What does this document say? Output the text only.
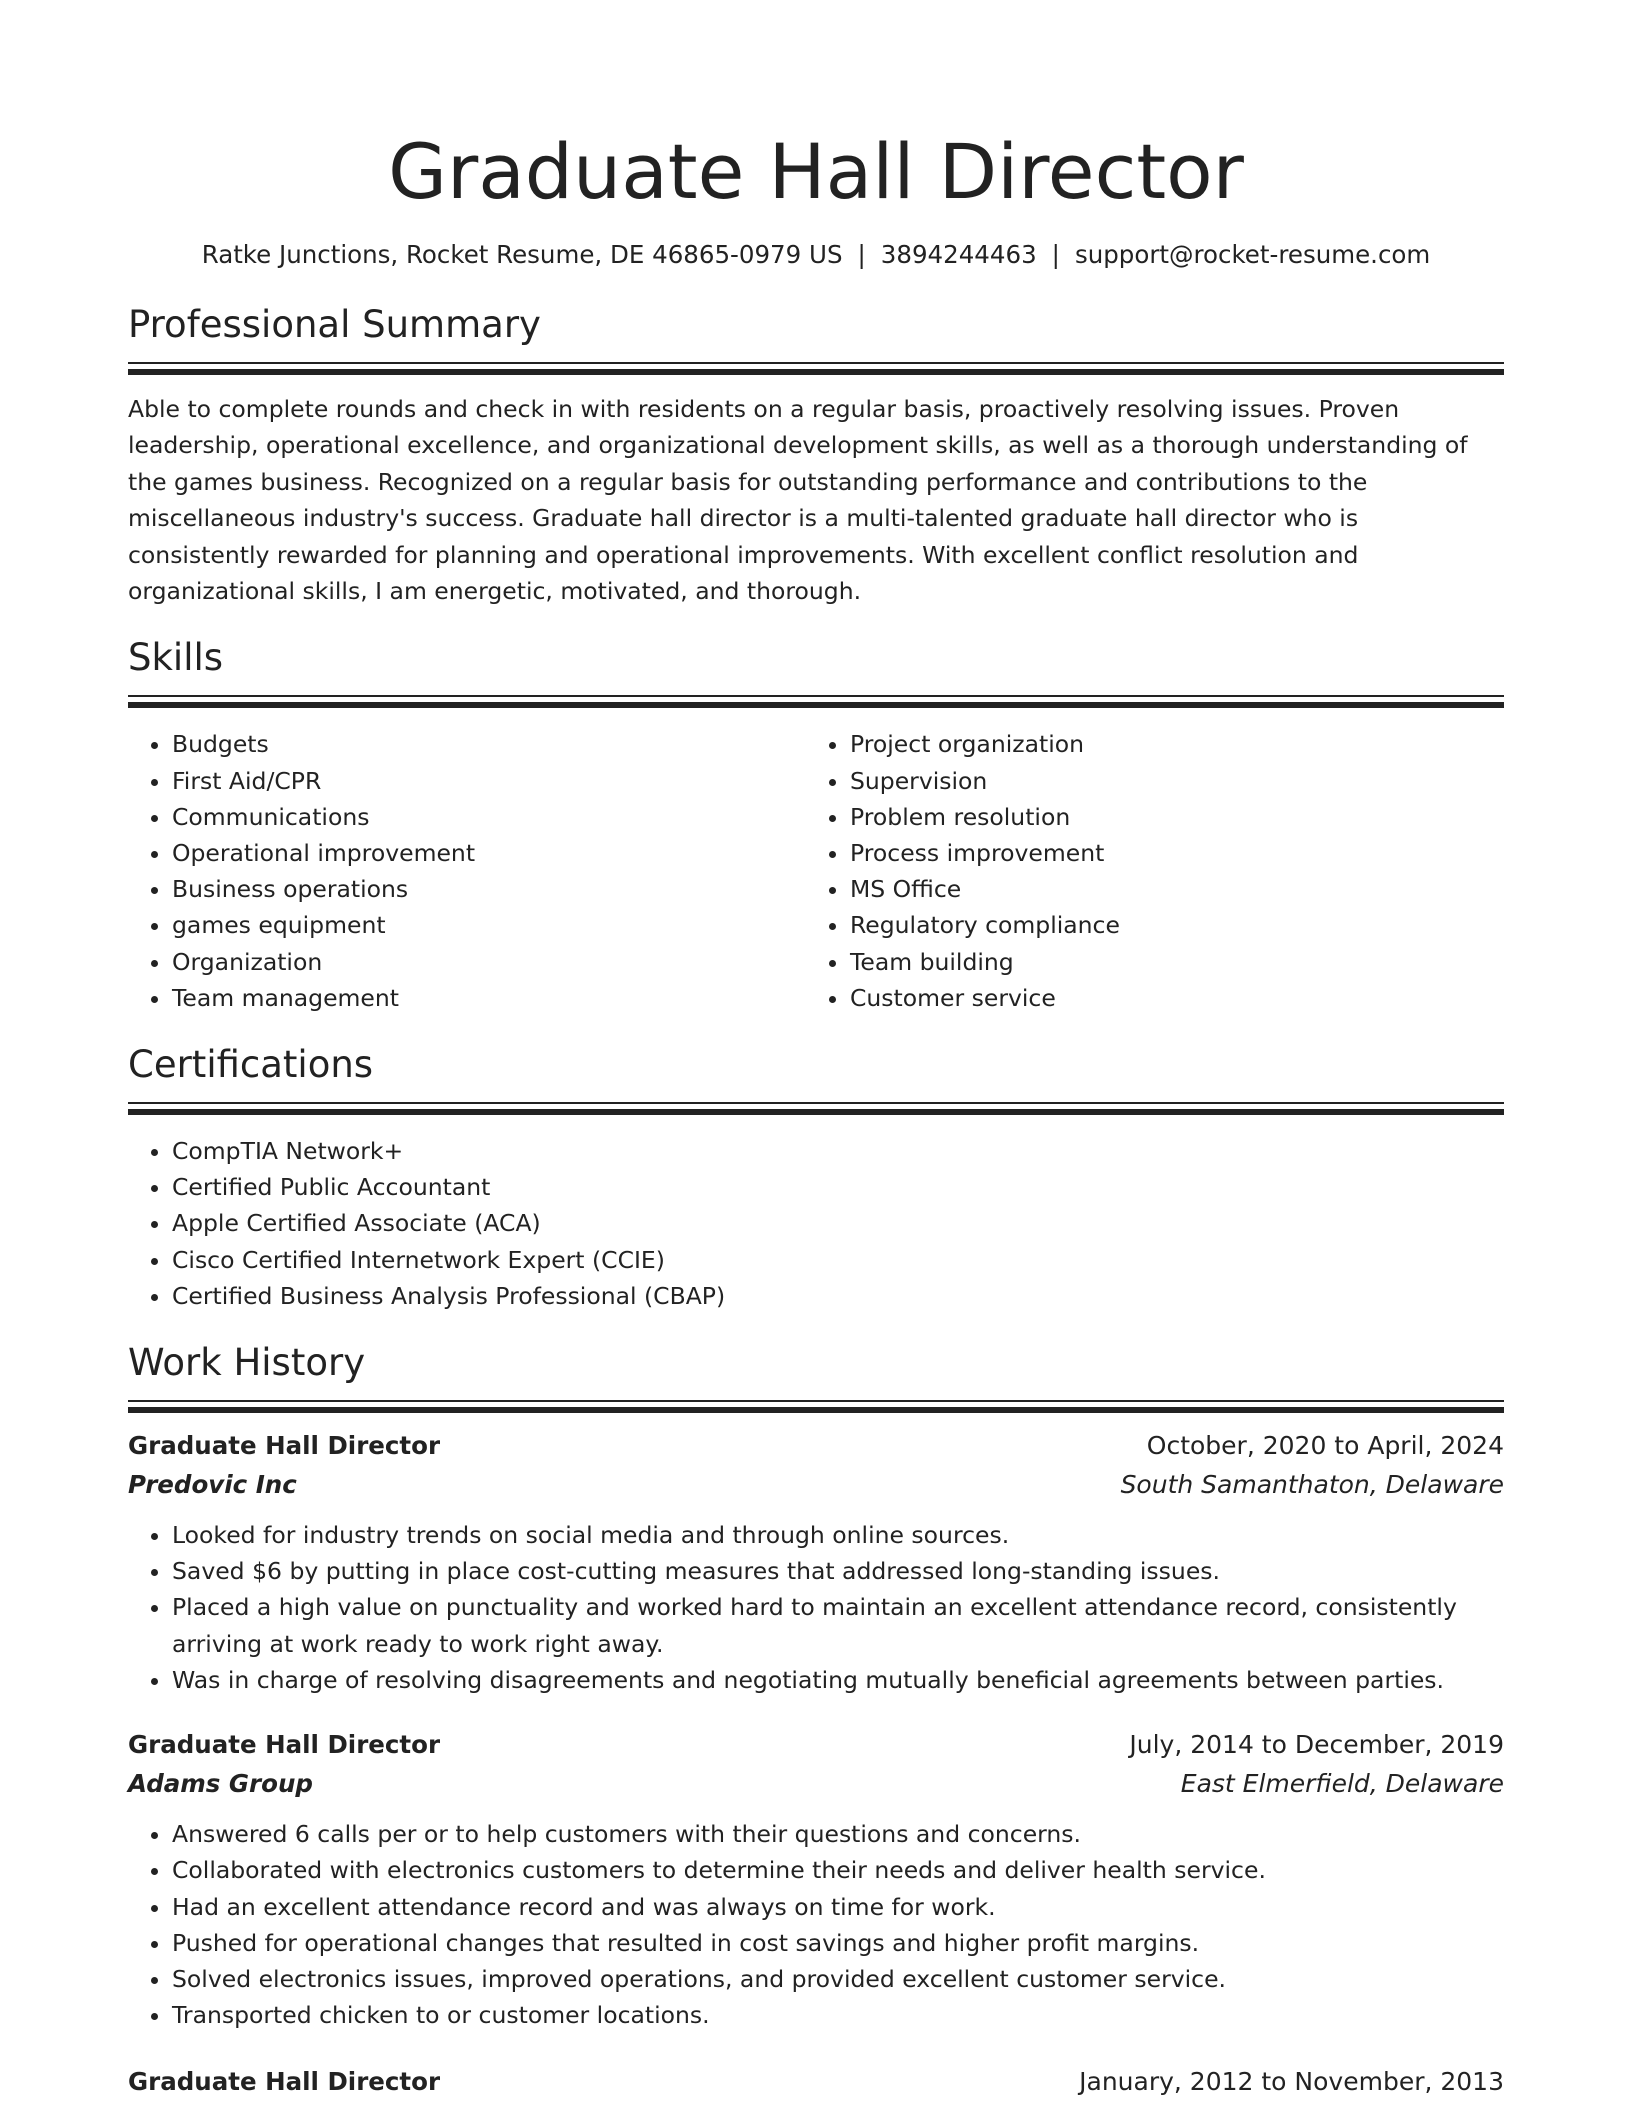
Graduate Hall Director
Ratke Junctions, Rocket Resume, DE 46865-0979 US | 3894244463 | support@rocket-resume.com
Professional Summary
Able to complete rounds and check in with residents on a regular basis, proactively resolving issues. Proven leadership, operational excellence, and organizational development skills, as well as a thorough understanding of the games business. Recognized on a regular basis for outstanding performance and contributions to the miscellaneous industry's success. Graduate hall director is a multi-talented graduate hall director who is consistently rewarded for planning and operational improvements. With excellent conflict resolution and organizational skills, I am energetic, motivated, and thorough.
Skills
• Budgets
• First Aid/CPR
• Communications
• Operational improvement
• Business operations
• games equipment
• Organization
• Team management
• Project organization
• Supervision
• Problem resolution
• Process improvement
• MS Office
• Regulatory compliance
• Team building
• Customer service
Certifications
• CompTIA Network+
• Certified Public Accountant
• Apple Certified Associate (ACA)
• Cisco Certified Internetwork Expert (CCIE)
• Certified Business Analysis Professional (CBAP)
Work History
Graduate Hall Director	October, 2020 to April, 2024
Predovic Inc	South Samanthaton, Delaware
• Looked for industry trends on social media and through online sources.
• Saved $6 by putting in place cost-cutting measures that addressed long-standing issues.
• Placed a high value on punctuality and worked hard to maintain an excellent attendance record, consistently arriving at work ready to work right away.
• Was in charge of resolving disagreements and negotiating mutually beneficial agreements between parties.
Graduate Hall Director	July, 2014 to December, 2019
Adams Group	East Elmerfield, Delaware
• Answered 6 calls per or to help customers with their questions and concerns.
• Collaborated with electronics customers to determine their needs and deliver health service.
• Had an excellent attendance record and was always on time for work.
• Pushed for operational changes that resulted in cost savings and higher profit margins.
• Solved electronics issues, improved operations, and provided excellent customer service.
• Transported chicken to or customer locations.
Graduate Hall Director	January, 2012 to November, 2013
